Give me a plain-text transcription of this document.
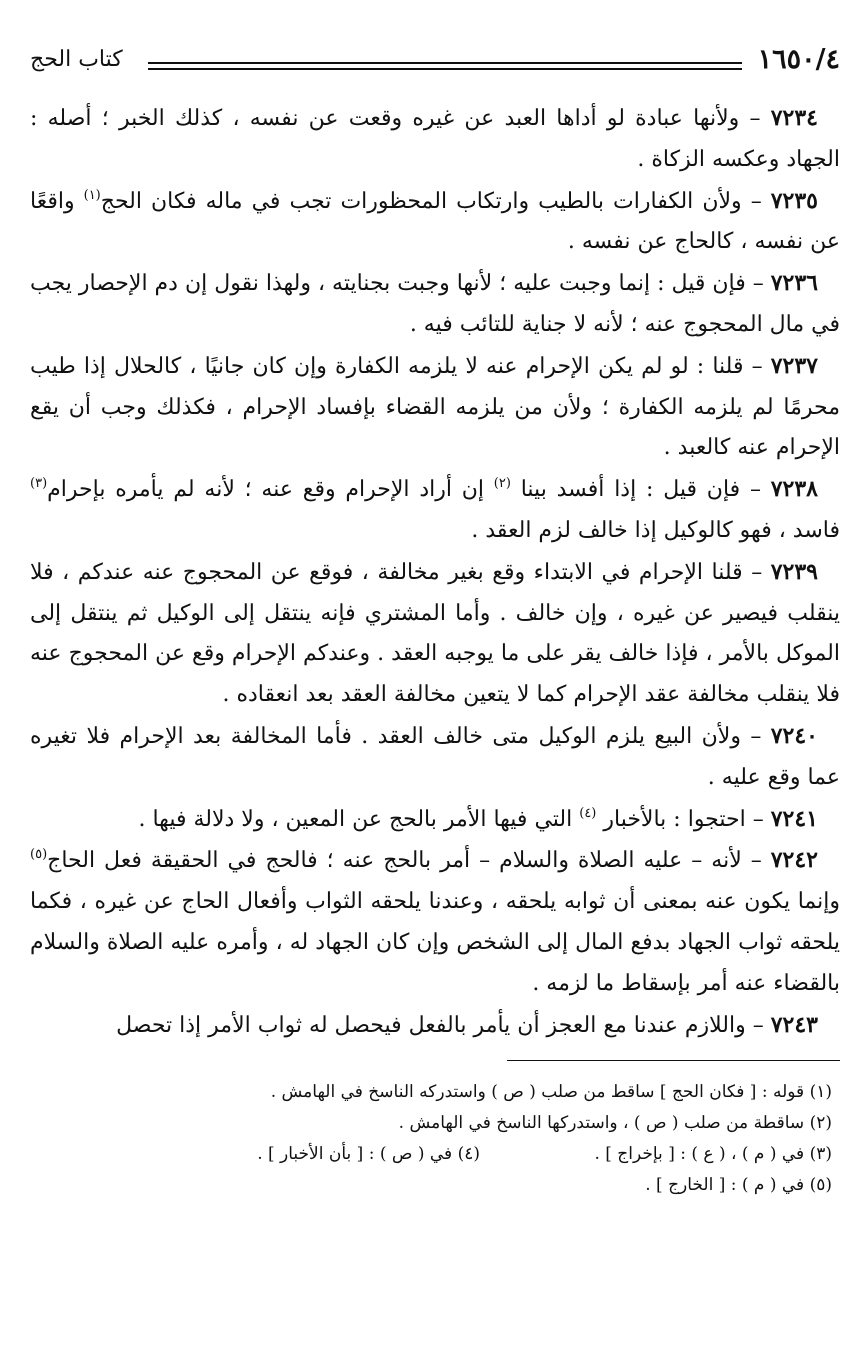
١٦٥٠/٤
كتاب الحج

٧٢٣٤ – ولأنها عبادة لو أداها العبد عن غيره وقعت عن نفسه ، كذلك الخبر ؛ أصله : الجهاد وعكسه الزكاة .

٧٢٣٥ – ولأن الكفارات بالطيب وارتكاب المحظورات تجب في ماله فكان الحج$^{(١)}$ واقعًا عن نفسه ، كالحاج عن نفسه .

٧٢٣٦ – فإن قيل : إنما وجبت عليه ؛ لأنها وجبت بجنايته ، ولهذا نقول إن دم الإحصار يجب في مال المحجوج عنه ؛ لأنه لا جناية للتائب فيه .

٧٢٣٧ – قلنا : لو لم يكن الإحرام عنه لا يلزمه الكفارة وإن كان جانيًا ، كالحلال إذا طيب محرمًا لم يلزمه الكفارة ؛ ولأن من يلزمه القضاء بإفساد الإحرام ، فكذلك وجب أن يقع الإحرام عنه كالعبد .

٧٢٣٨ – فإن قيل : إذا أفسد بينا $^{(٢)}$ إن أراد الإحرام وقع عنه ؛ لأنه لم يأمره بإحرام$^{(٣)}$ فاسد ، فهو كالوكيل إذا خالف لزم العقد .

٧٢٣٩ – قلنا الإحرام في الابتداء وقع بغير مخالفة ، فوقع عن المحجوج عنه عندكم ، فلا ينقلب فيصير عن غيره ، وإن خالف . وأما المشتري فإنه ينتقل إلى الوكيل ثم ينتقل إلى الموكل بالأمر ، فإذا خالف يقر على ما يوجبه العقد . وعندكم الإحرام وقع عن المحجوج عنه فلا ينقلب مخالفة عقد الإحرام كما لا يتعين مخالفة العقد بعد انعقاده .

٧٢٤٠ – ولأن البيع يلزم الوكيل متى خالف العقد . فأما المخالفة بعد الإحرام فلا تغيره عما وقع عليه .

٧٢٤١ – احتجوا : بالأخبار $^{(٤)}$ التي فيها الأمر بالحج عن المعين ، ولا دلالة فيها .

٧٢٤٢ – لأنه – عليه الصلاة والسلام – أمر بالحج عنه ؛ فالحج في الحقيقة فعل الحاج$^{(٥)}$ وإنما يكون عنه بمعنى أن ثوابه يلحقه ، وعندنا يلحقه الثواب وأفعال الحاج عن غيره ، فكما يلحقه ثواب الجهاد بدفع المال إلى الشخص وإن كان الجهاد له ، وأمره عليه الصلاة والسلام بالقضاء عنه أمر بإسقاط ما لزمه .

٧٢٤٣ – واللازم عندنا مع العجز أن يأمر بالفعل فيحصل له ثواب الأمر إذا تحصل

(١) قوله : [ فكان الحج ] ساقط من صلب ( ص ) واستدركه الناسخ في الهامش .

(٢) ساقطة من صلب ( ص ) ، واستدركها الناسخ في الهامش .

(٣) في ( م ) ، ( ع ) : [ بإخراج ] .

(٤) في ( ص ) : [ بأن الأخبار ] .

(٥) في ( م ) : [ الخارج ] .
